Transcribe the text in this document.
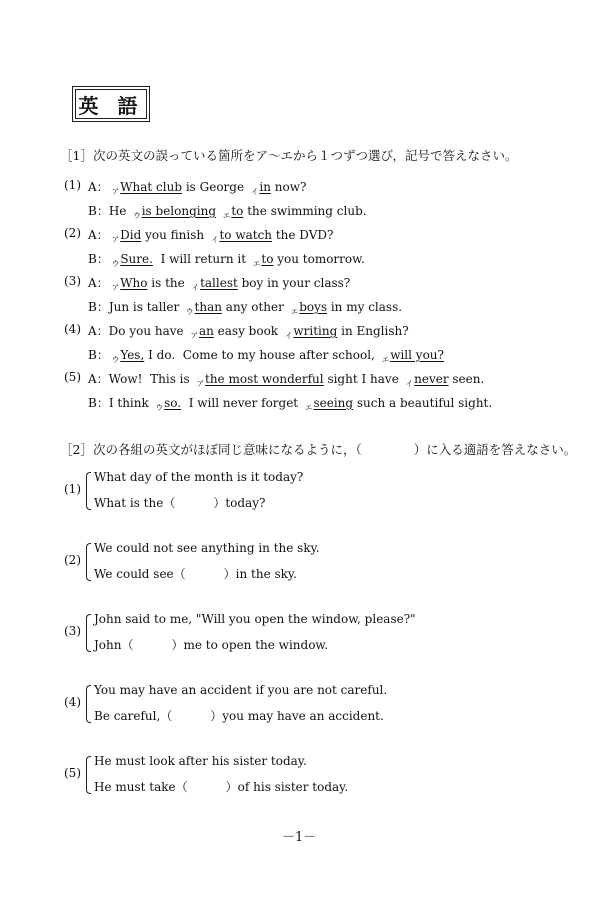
英 語
［1］次の英文の誤っている箇所をア～エから１つずつ選び，記号で答えなさい。
(1) A： $_ア$What club is George $_イ$in now?
B：He $_ウ$is belonging $_エ$to the swimming club.
(2) A： $_ア$Did you finish $_イ$to watch the DVD?
B： $_ウ$Sure.  I will return it $_エ$to you tomorrow.
(3) A： $_ア$Who is the $_イ$tallest boy in your class?
B：Jun is taller $_ウ$than any other $_エ$boys in my class.
(4) A：Do you have $_ア$an easy book $_イ$writing in English?
B： $_ウ$Yes, I do.  Come to my house after school, $_エ$will you?
(5) A：Wow!  This is $_ア$the most wonderful sight I have $_イ$never seen.
B：I think $_ウ$so.  I will never forget $_エ$seeing such a beautiful sight.
［2］次の各組の英文がほぼ同じ意味になるように，（	）に入る適語を答えなさい。
(1)
What day of the month is it today?
What is the（	）today?
(2)
We could not see anything in the sky.
We could see（	）in the sky.
(3)
John said to me, "Will you open the window, please?"
John（	）me to open the window.
(4)
You may have an accident if you are not careful.
Be careful,（	）you may have an accident.
(5)
He must look after his sister today.
He must take（	）of his sister today.
－1－
